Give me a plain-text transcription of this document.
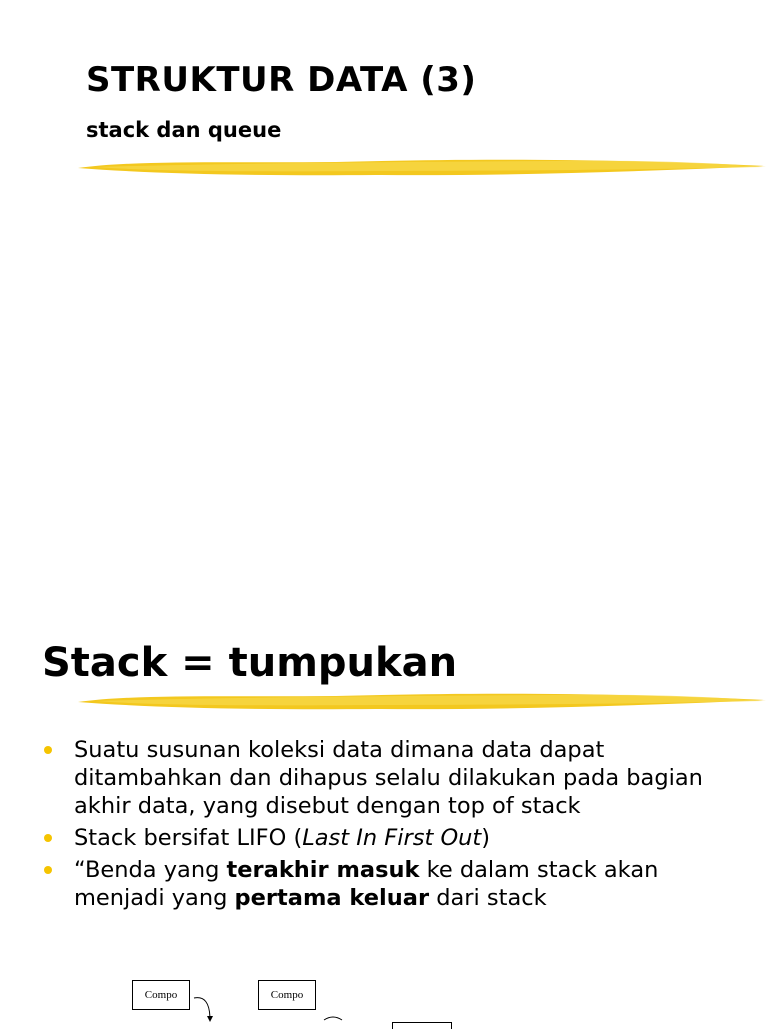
STRUKTUR DATA (3)
stack dan queue
Stack = tumpukan
Suatu susunan koleksi data dimana data dapat ditambahkan dan dihapus selalu dilakukan pada bagian akhir data, yang disebut dengan top of stack
Stack bersifat LIFO (Last In First Out)
“Benda yang terakhir masuk ke dalam stack akan menjadi yang pertama keluar dari stack
Compo	Compo
